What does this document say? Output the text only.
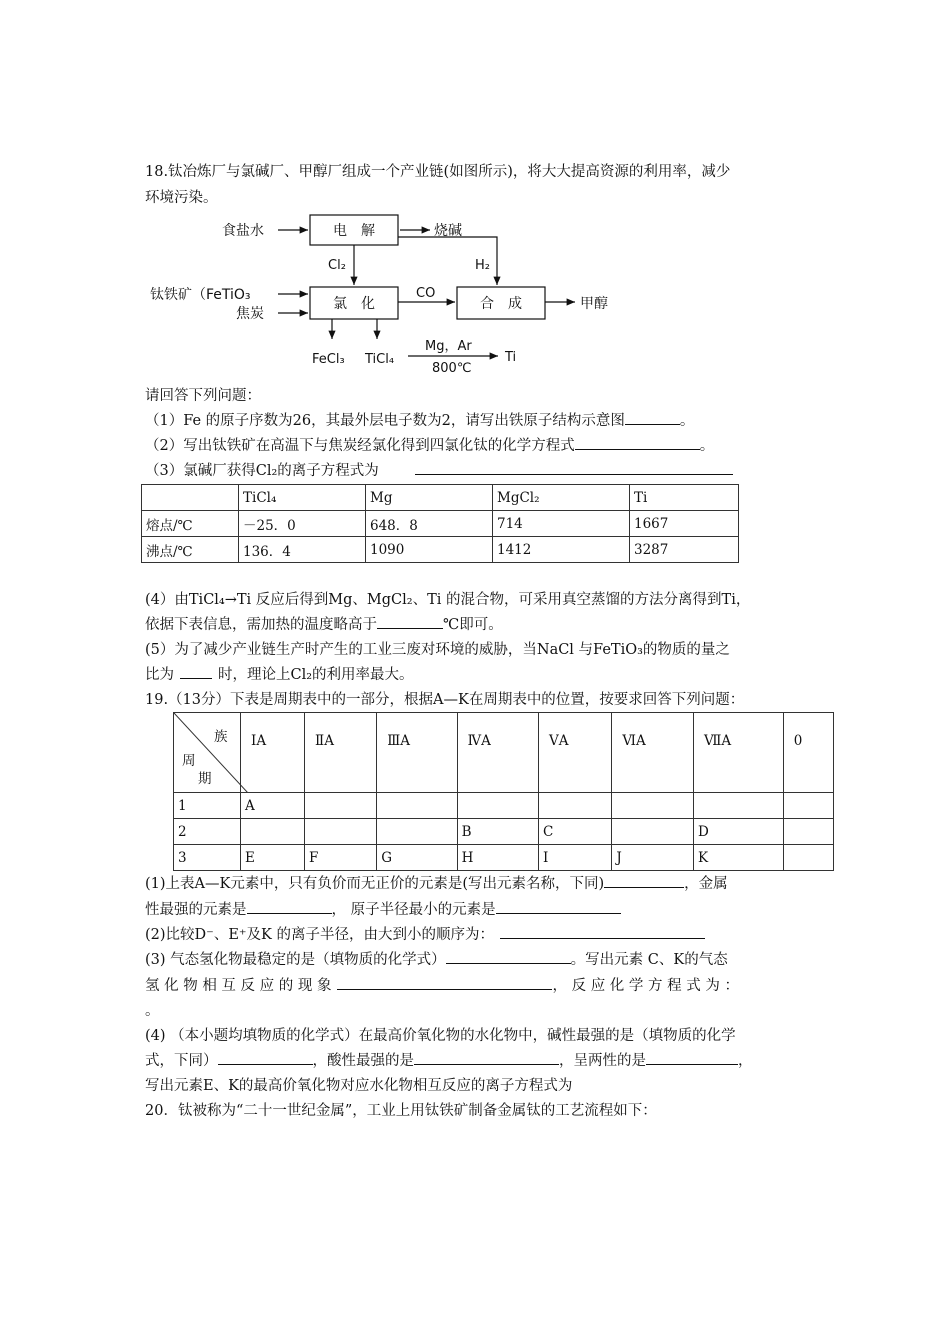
18.钛冶炼厂与氯碱厂、甲醇厂组成一个产业链(如图所示)，将大大提高资源的利用率，减少
环境污染。
食盐水	电　解	烧碱
Cl₂	H₂
钛铁矿（FeTiO₃
焦炭
氯　化
CO
合　成	甲醇
FeCl₃ TiCl₄
Mg，Ar
800℃
Ti
请回答下列问题：
（1）Fe 的原子序数为26，其最外层电子数为2，请写出铁原子结构示意图	。
（2）写出钛铁矿在高温下与焦炭经氯化得到四氯化钛的化学方程式	。
（3）氯碱厂获得Cl₂的离子方程式为
	TiCl₄	Mg	MgCl₂	Ti
熔点/℃	－25．0	648．8	714	1667
沸点/℃	136．4	1090	1412	3287
(4）由TiCl₄→Ti 反应后得到Mg、MgCl₂、Ti 的混合物，可采用真空蒸馏的方法分离得到Ti，
依据下表信息，需加热的温度略高于	℃即可。
(5）为了减少产业链生产时产生的工业三废对环境的威胁，当NaCl 与FeTiO₃的物质的量之
比为	时，理论上Cl₂的利用率最大。
19.（13分）下表是周期表中的一部分，根据A—K在周期表中的位置，按要求回答下列问题：
族
周
期	ⅠA	ⅡA	ⅢA	ⅣA	ⅤA	ⅥA	ⅦA	0
1	A							
2				B	C		D	
3	E	F	G	H	I	J	K	
(1)上表A—K元素中，只有负价而无正价的元素是(写出元素名称，下同)	，金属
性最强的元素是	， 原子半径最小的元素是
(2)比较D⁻、E⁺及K 的离子半径，由大到小的顺序为：
(3) 气态氢化物最稳定的是（填物质的化学式）	。写出元素 C、K的气态
氢 化 物 相 互 反 应 的 现 象	， 反 应 化 学 方 程 式 为 ：
。
(4) （本小题均填物质的化学式）在最高价氧化物的水化物中，碱性最强的是（填物质的化学
式，下同）	，酸性最强的是	，呈两性的是	，
写出元素E、K的最高价氧化物对应水化物相互反应的离子方程式为
20．钛被称为“二十一世纪金属”，工业上用钛铁矿制备金属钛的工艺流程如下：
